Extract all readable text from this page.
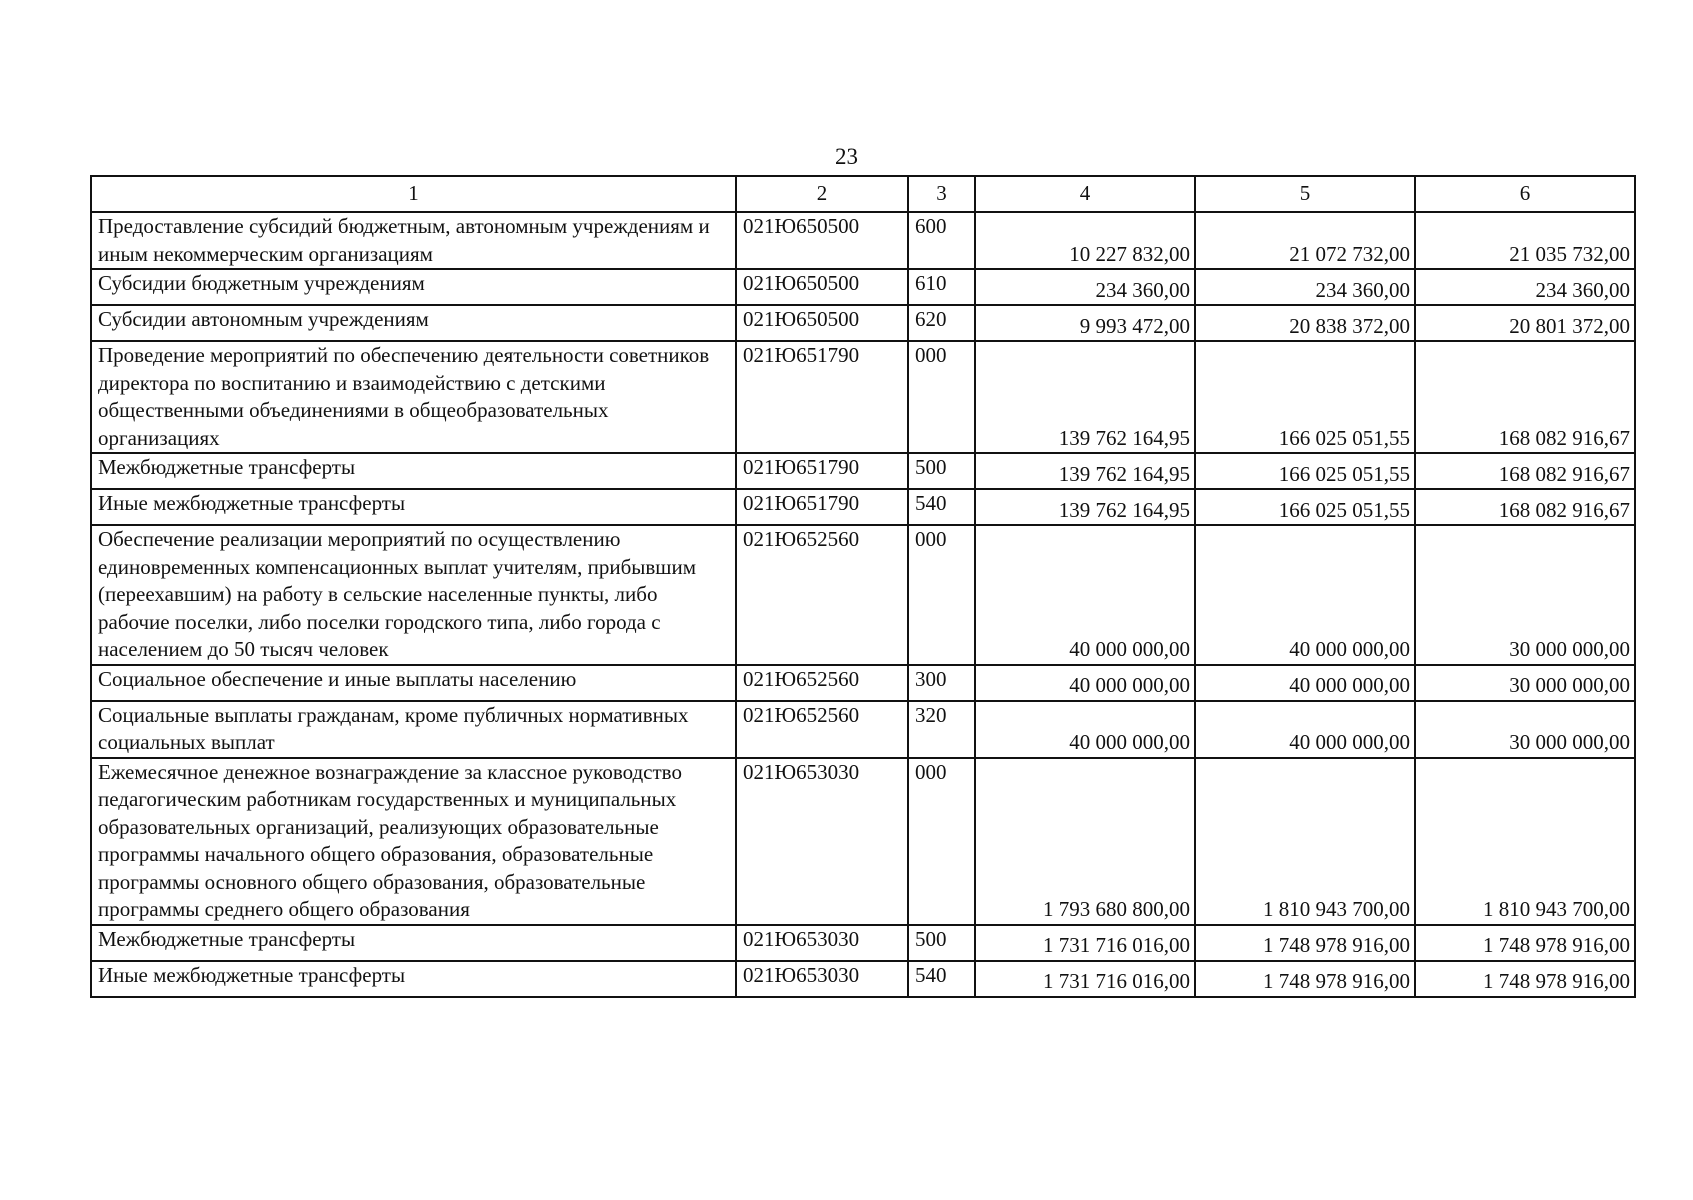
23
1	2	3	4	5	6
Предоставление субсидий бюджетным, автономным учреждениям и иным некоммерческим организациям	021Ю650500	600	10 227 832,00	21 072 732,00	21 035 732,00
Субсидии бюджетным учреждениям	021Ю650500	610	234 360,00	234 360,00	234 360,00
Субсидии автономным учреждениям	021Ю650500	620	9 993 472,00	20 838 372,00	20 801 372,00
Проведение мероприятий по обеспечению деятельности советников директора по воспитанию и взаимодействию с детскими общественными объединениями в общеобразовательных организациях	021Ю651790	000	139 762 164,95	166 025 051,55	168 082 916,67
Межбюджетные трансферты	021Ю651790	500	139 762 164,95	166 025 051,55	168 082 916,67
Иные межбюджетные трансферты	021Ю651790	540	139 762 164,95	166 025 051,55	168 082 916,67
Обеспечение реализации мероприятий по осуществлению единовременных компенсационных выплат учителям, прибывшим (переехавшим) на работу в сельские населенные пункты, либо рабочие поселки, либо поселки городского типа, либо города с населением до 50 тысяч человек	021Ю652560	000	40 000 000,00	40 000 000,00	30 000 000,00
Социальное обеспечение и иные выплаты населению	021Ю652560	300	40 000 000,00	40 000 000,00	30 000 000,00
Социальные выплаты гражданам, кроме публичных нормативных социальных выплат	021Ю652560	320	40 000 000,00	40 000 000,00	30 000 000,00
Ежемесячное денежное вознаграждение за классное руководство педагогическим работникам государственных и муниципальных образовательных организаций, реализующих образовательные программы начального общего образования, образовательные программы основного общего образования, образовательные программы среднего общего образования	021Ю653030	000	1 793 680 800,00	1 810 943 700,00	1 810 943 700,00
Межбюджетные трансферты	021Ю653030	500	1 731 716 016,00	1 748 978 916,00	1 748 978 916,00
Иные межбюджетные трансферты	021Ю653030	540	1 731 716 016,00	1 748 978 916,00	1 748 978 916,00
